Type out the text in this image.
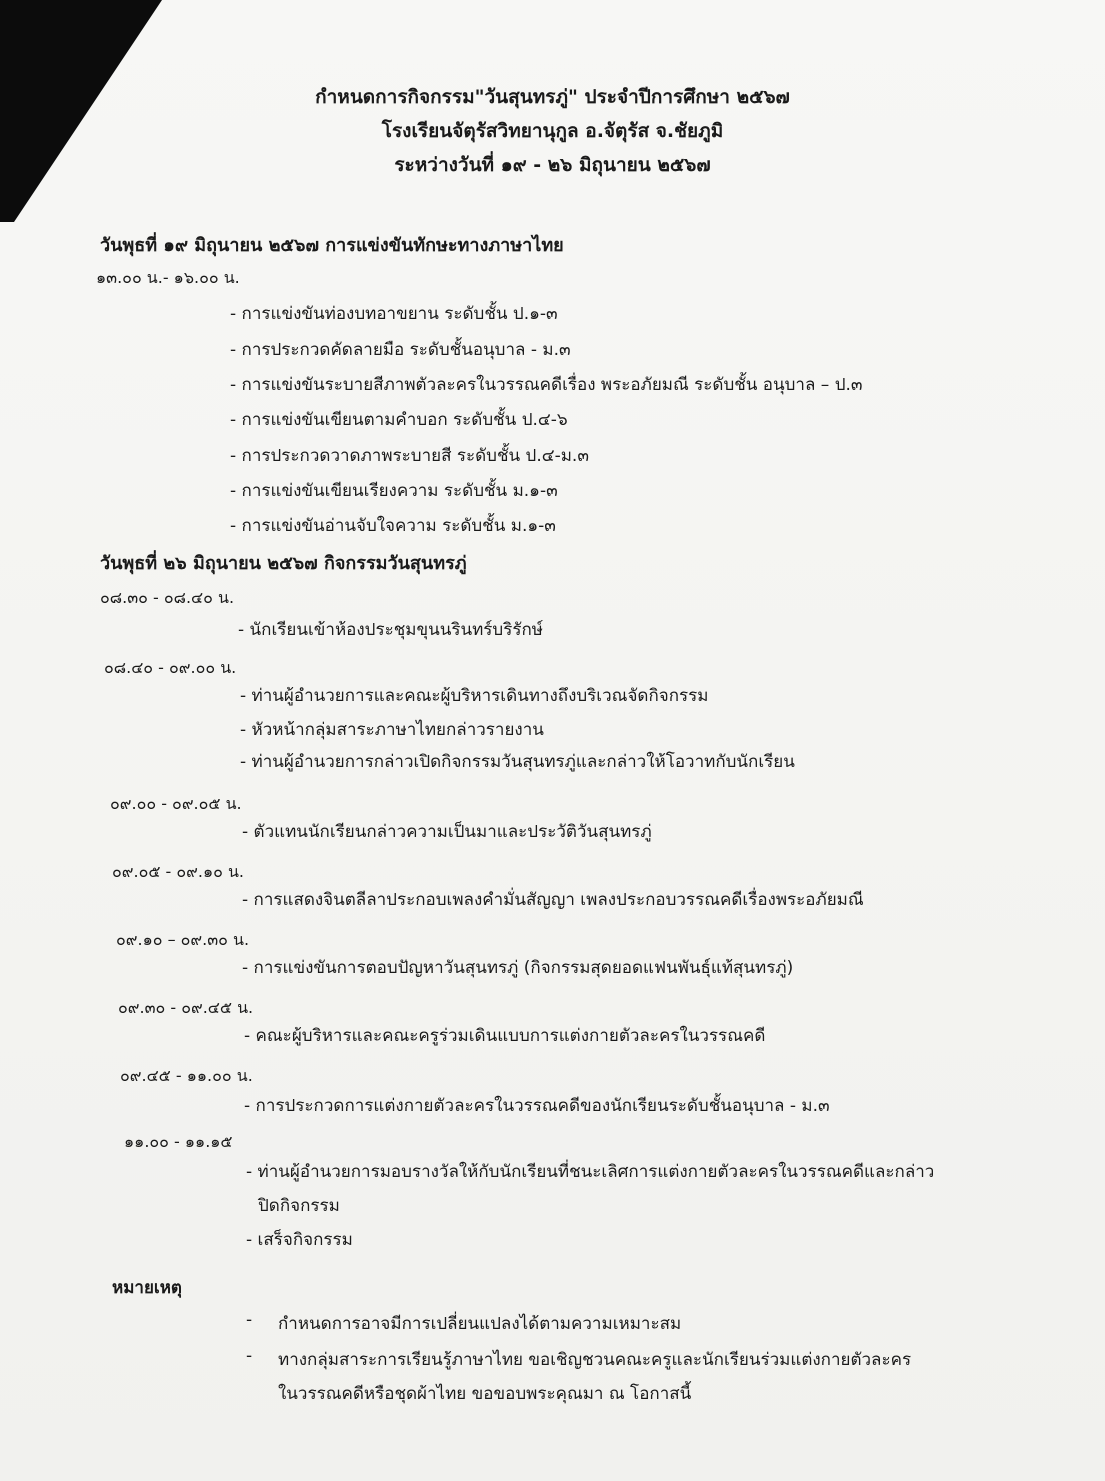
กำหนดการกิจกรรม"วันสุนทรภู่" ประจำปีการศึกษา ๒๕๖๗
โรงเรียนจัตุรัสวิทยานุกูล อ.จัตุรัส จ.ชัยภูมิ
ระหว่างวันที่ ๑๙ - ๒๖ มิถุนายน ๒๕๖๗
วันพุธที่ ๑๙ มิถุนายน ๒๕๖๗ การแข่งขันทักษะทางภาษาไทย
๑๓.๐๐ น.- ๑๖.๐๐ น.
- การแข่งขันท่องบทอาขยาน ระดับชั้น ป.๑-๓
- การประกวดคัดลายมือ ระดับชั้นอนุบาล - ม.๓
- การแข่งขันระบายสีภาพตัวละครในวรรณคดีเรื่อง พระอภัยมณี ระดับชั้น อนุบาล – ป.๓
- การแข่งขันเขียนตามคำบอก ระดับชั้น ป.๔-๖
- การประกวดวาดภาพระบายสี ระดับชั้น ป.๔-ม.๓
- การแข่งขันเขียนเรียงความ ระดับชั้น ม.๑-๓
- การแข่งขันอ่านจับใจความ ระดับชั้น ม.๑-๓
วันพุธที่ ๒๖ มิถุนายน ๒๕๖๗ กิจกรรมวันสุนทรภู่
๐๘.๓๐ - ๐๘.๔๐ น.
- นักเรียนเข้าห้องประชุมขุนนรินทร์บริรักษ์
๐๘.๔๐ - ๐๙.๐๐ น.
- ท่านผู้อำนวยการและคณะผู้บริหารเดินทางถึงบริเวณจัดกิจกรรม
- หัวหน้ากลุ่มสาระภาษาไทยกล่าวรายงาน
- ท่านผู้อำนวยการกล่าวเปิดกิจกรรมวันสุนทรภู่และกล่าวให้โอวาทกับนักเรียน
๐๙.๐๐ - ๐๙.๐๕ น.
- ตัวแทนนักเรียนกล่าวความเป็นมาและประวัติวันสุนทรภู่
๐๙.๐๕ - ๐๙.๑๐ น.
- การแสดงจินตลีลาประกอบเพลงคำมั่นสัญญา เพลงประกอบวรรณคดีเรื่องพระอภัยมณี
๐๙.๑๐ – ๐๙.๓๐ น.
- การแข่งขันการตอบปัญหาวันสุนทรภู่ (กิจกรรมสุดยอดแฟนพันธุ์แท้สุนทรภู่)
๐๙.๓๐ - ๐๙.๔๕ น.
- คณะผู้บริหารและคณะครูร่วมเดินแบบการแต่งกายตัวละครในวรรณคดี
๐๙.๔๕ - ๑๑.๐๐ น.
- การประกวดการแต่งกายตัวละครในวรรณคดีของนักเรียนระดับชั้นอนุบาล - ม.๓
๑๑.๐๐ - ๑๑.๑๕
- ท่านผู้อำนวยการมอบรางวัลให้กับนักเรียนที่ชนะเลิศการแต่งกายตัวละครในวรรณคดีและกล่าว
ปิดกิจกรรม
- เสร็จกิจกรรม
หมายเหตุ
- กำหนดการอาจมีการเปลี่ยนแปลงได้ตามความเหมาะสม
- ทางกลุ่มสาระการเรียนรู้ภาษาไทย ขอเชิญชวนคณะครูและนักเรียนร่วมแต่งกายตัวละคร
ในวรรณคดีหรือชุดผ้าไทย ขอขอบพระคุณมา ณ โอกาสนี้
